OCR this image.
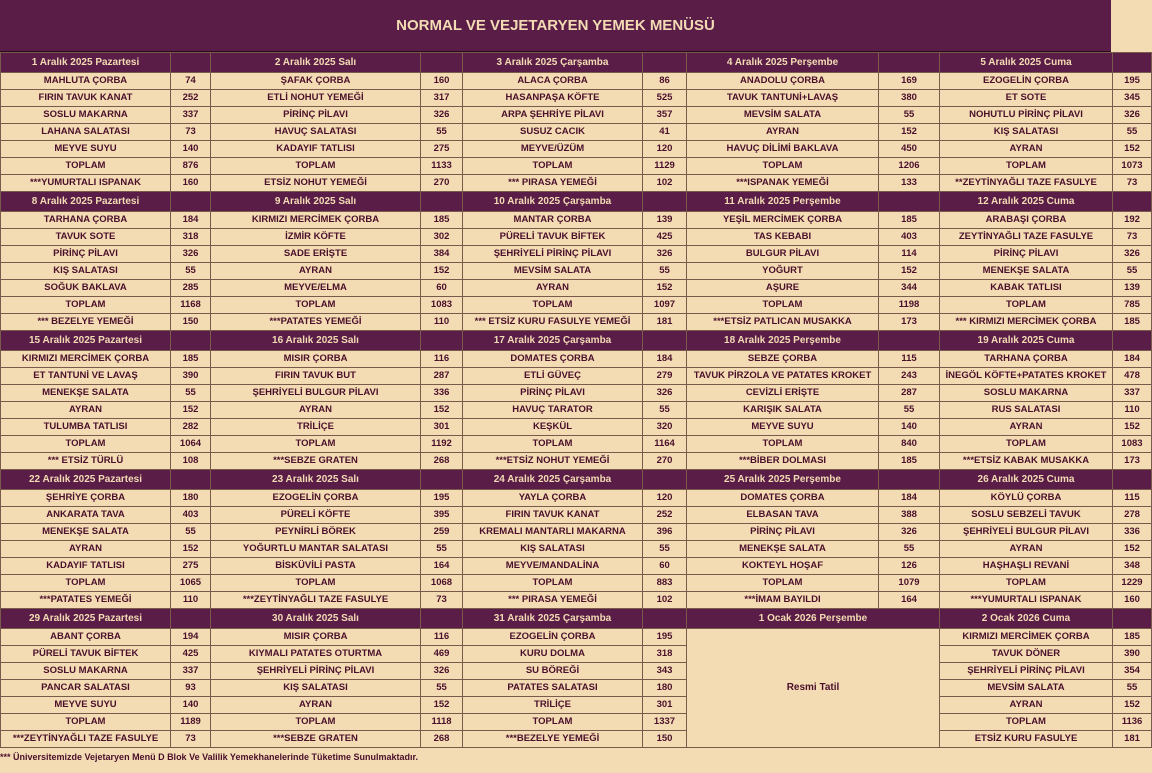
NORMAL VE VEJETARYEN YEMEK MENÜSÜ
1 Aralık 2025 Pazartesi		2 Aralık 2025 Salı		3 Aralık 2025 Çarşamba		4 Aralık 2025 Perşembe		5 Aralık 2025 Cuma	
MAHLUTA ÇORBA	74	ŞAFAK ÇORBA	160	ALACA ÇORBA	86	ANADOLU ÇORBA	169	EZOGELİN ÇORBA	195
FIRIN TAVUK KANAT	252	ETLİ NOHUT YEMEĞİ	317	HASANPAŞA KÖFTE	525	TAVUK TANTUNİ+LAVAŞ	380	ET SOTE	345
SOSLU MAKARNA	337	PİRİNÇ PİLAVI	326	ARPA ŞEHRİYE PİLAVI	357	MEVSİM SALATA	55	NOHUTLU PİRİNÇ PİLAVI	326
LAHANA SALATASI	73	HAVUÇ SALATASI	55	SUSUZ CACIK	41	AYRAN	152	KIŞ SALATASI	55
MEYVE SUYU	140	KADAYIF TATLISI	275	MEYVE/ÜZÜM	120	HAVUÇ DİLİMİ BAKLAVA	450	AYRAN	152
TOPLAM	876	TOPLAM	1133	TOPLAM	1129	TOPLAM	1206	TOPLAM	1073
***YUMURTALI ISPANAK	160	ETSİZ NOHUT YEMEĞİ	270	*** PIRASA YEMEĞİ	102	***ISPANAK YEMEĞİ	133	**ZEYTİNYAĞLI TAZE FASULYE	73
8 Aralık 2025 Pazartesi		9 Aralık 2025 Salı		10 Aralık 2025 Çarşamba		11 Aralık 2025 Perşembe		12 Aralık 2025 Cuma	
TARHANA ÇORBA	184	KIRMIZI MERCİMEK ÇORBA	185	MANTAR ÇORBA	139	YEŞİL MERCİMEK ÇORBA	185	ARABAŞI ÇORBA	192
TAVUK SOTE	318	İZMİR KÖFTE	302	PÜRELİ TAVUK BİFTEK	425	TAS KEBABI	403	ZEYTİNYAĞLI TAZE FASULYE	73
PİRİNÇ PİLAVI	326	SADE ERİŞTE	384	ŞEHRİYELİ PİRİNÇ PİLAVI	326	BULGUR PİLAVI	114	PİRİNÇ PİLAVI	326
KIŞ SALATASI	55	AYRAN	152	MEVSİM SALATA	55	YOĞURT	152	MENEKŞE SALATA	55
SOĞUK BAKLAVA	285	MEYVE/ELMA	60	AYRAN	152	AŞURE	344	KABAK TATLISI	139
TOPLAM	1168	TOPLAM	1083	TOPLAM	1097	TOPLAM	1198	TOPLAM	785
*** BEZELYE YEMEĞİ	150	***PATATES YEMEĞİ	110	*** ETSİZ KURU FASULYE YEMEĞİ	181	***ETSİZ PATLICAN MUSAKKA	173	*** KIRMIZI MERCİMEK ÇORBA	185
15 Aralık 2025 Pazartesi		16 Aralık 2025 Salı		17 Aralık 2025 Çarşamba		18 Aralık 2025 Perşembe		19 Aralık 2025 Cuma	
KIRMIZI MERCİMEK ÇORBA	185	MISIR ÇORBA	116	DOMATES ÇORBA	184	SEBZE ÇORBA	115	TARHANA ÇORBA	184
ET TANTUNİ VE LAVAŞ	390	FIRIN TAVUK BUT	287	ETLİ GÜVEÇ	279	TAVUK PİRZOLA VE PATATES KROKET	243	İNEGÖL KÖFTE+PATATES KROKET	478
MENEKŞE SALATA	55	ŞEHRİYELİ BULGUR PİLAVI	336	PİRİNÇ PİLAVI	326	CEVİZLİ ERİŞTE	287	SOSLU MAKARNA	337
AYRAN	152	AYRAN	152	HAVUÇ TARATOR	55	KARIŞIK SALATA	55	RUS SALATASI	110
TULUMBA TATLISI	282	TRİLİÇE	301	KEŞKÜL	320	MEYVE SUYU	140	AYRAN	152
TOPLAM	1064	TOPLAM	1192	TOPLAM	1164	TOPLAM	840	TOPLAM	1083
*** ETSİZ TÜRLÜ	108	***SEBZE GRATEN	268	***ETSİZ NOHUT YEMEĞİ	270	***BİBER DOLMASI	185	***ETSİZ KABAK MUSAKKA	173
22 Aralık 2025 Pazartesi		23 Aralık 2025 Salı		24 Aralık 2025 Çarşamba		25 Aralık 2025 Perşembe		26 Aralık 2025 Cuma	
ŞEHRİYE ÇORBA	180	EZOGELİN ÇORBA	195	YAYLA ÇORBA	120	DOMATES ÇORBA	184	KÖYLÜ ÇORBA	115
ANKARATA TAVA	403	PÜRELİ KÖFTE	395	FIRIN TAVUK KANAT	252	ELBASAN TAVA	388	SOSLU SEBZELİ TAVUK	278
MENEKŞE SALATA	55	PEYNİRLİ BÖREK	259	KREMALI MANTARLI MAKARNA	396	PİRİNÇ PİLAVI	326	ŞEHRİYELİ BULGUR PİLAVI	336
AYRAN	152	YOĞURTLU MANTAR SALATASI	55	KIŞ SALATASI	55	MENEKŞE SALATA	55	AYRAN	152
KADAYIF TATLISI	275	BİSKÜVİLİ PASTA	164	MEYVE/MANDALİNA	60	KOKTEYL HOŞAF	126	HAŞHAŞLI REVANİ	348
TOPLAM	1065	TOPLAM	1068	TOPLAM	883	TOPLAM	1079	TOPLAM	1229
***PATATES YEMEĞİ	110	***ZEYTİNYAĞLI TAZE FASULYE	73	*** PIRASA YEMEĞİ	102	***İMAM BAYILDI	164	***YUMURTALI ISPANAK	160
29 Aralık 2025 Pazartesi		30 Aralık 2025 Salı		31 Aralık 2025 Çarşamba		1 Ocak 2026 Perşembe		2 Ocak 2026 Cuma	
ABANT ÇORBA	194	MISIR ÇORBA	116	EZOGELİN ÇORBA	195	Resmi Tatil		KIRMIZI MERCİMEK ÇORBA	185
PÜRELİ TAVUK BİFTEK	425	KIYMALI PATATES OTURTMA	469	KURU DOLMA	318			TAVUK DÖNER	390
SOSLU MAKARNA	337	ŞEHRİYELİ PİRİNÇ PİLAVI	326	SU BÖREĞİ	343			ŞEHRİYELİ PİRİNÇ PİLAVI	354
PANCAR SALATASI	93	KIŞ SALATASI	55	PATATES SALATASI	180			MEVSİM SALATA	55
MEYVE SUYU	140	AYRAN	152	TRİLİÇE	301			AYRAN	152
TOPLAM	1189	TOPLAM	1118	TOPLAM	1337			TOPLAM	1136
***ZEYTİNYAĞLI TAZE FASULYE	73	***SEBZE GRATEN	268	***BEZELYE YEMEĞİ	150			ETSİZ KURU FASULYE	181
*** Üniversitemizde Vejetaryen Menü D Blok Ve Valilik Yemekhanelerinde Tüketime Sunulmaktadır.
